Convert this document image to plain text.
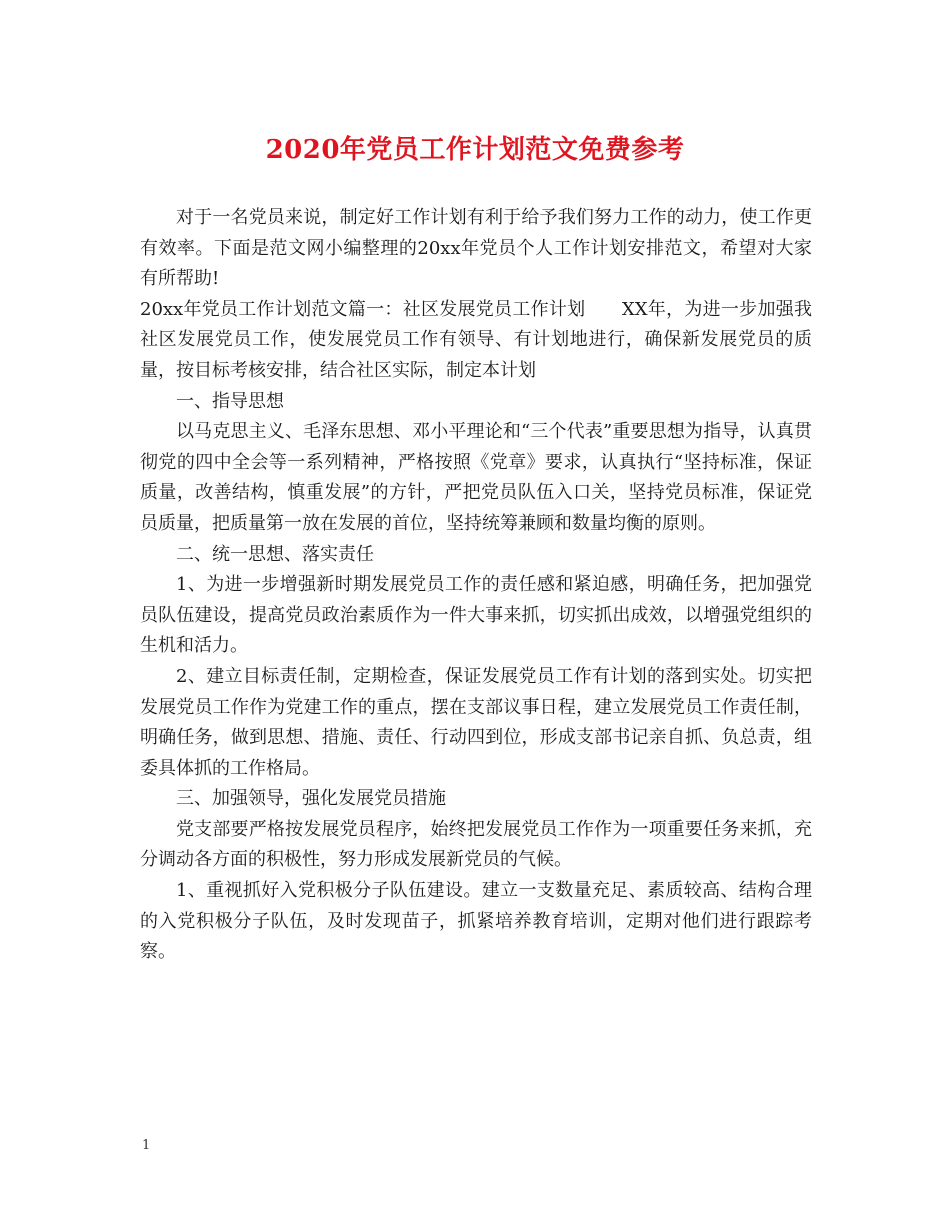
2020年党员工作计划范文免费参考

对于一名党员来说，制定好工作计划有利于给予我们努力工作的动力，使工作更有效率。下面是范文网小编整理的20xx年党员个人工作计划安排范文，希望对大家有所帮助!

20xx年党员工作计划范文篇一：社区发展党员工作计划　　XX年，为进一步加强我社区发展党员工作，使发展党员工作有领导、有计划地进行，确保新发展党员的质量，按目标考核安排，结合社区实际，制定本计划

一、指导思想

以马克思主义、毛泽东思想、邓小平理论和“三个代表”重要思想为指导，认真贯彻党的四中全会等一系列精神，严格按照《党章》要求，认真执行“坚持标准，保证质量，改善结构，慎重发展”的方针，严把党员队伍入口关，坚持党员标准，保证党员质量，把质量第一放在发展的首位，坚持统筹兼顾和数量均衡的原则。

二、统一思想、落实责任

1、为进一步增强新时期发展党员工作的责任感和紧迫感，明确任务，把加强党员队伍建设，提高党员政治素质作为一件大事来抓，切实抓出成效，以增强党组织的生机和活力。

2、建立目标责任制，定期检查，保证发展党员工作有计划的落到实处。切实把发展党员工作作为党建工作的重点，摆在支部议事日程，建立发展党员工作责任制，明确任务，做到思想、措施、责任、行动四到位，形成支部书记亲自抓、负总责，组委具体抓的工作格局。

三、加强领导，强化发展党员措施

党支部要严格按发展党员程序，始终把发展党员工作作为一项重要任务来抓，充分调动各方面的积极性，努力形成发展新党员的气候。

1、重视抓好入党积极分子队伍建设。建立一支数量充足、素质较高、结构合理的入党积极分子队伍，及时发现苗子，抓紧培养教育培训，定期对他们进行跟踪考察。

1
